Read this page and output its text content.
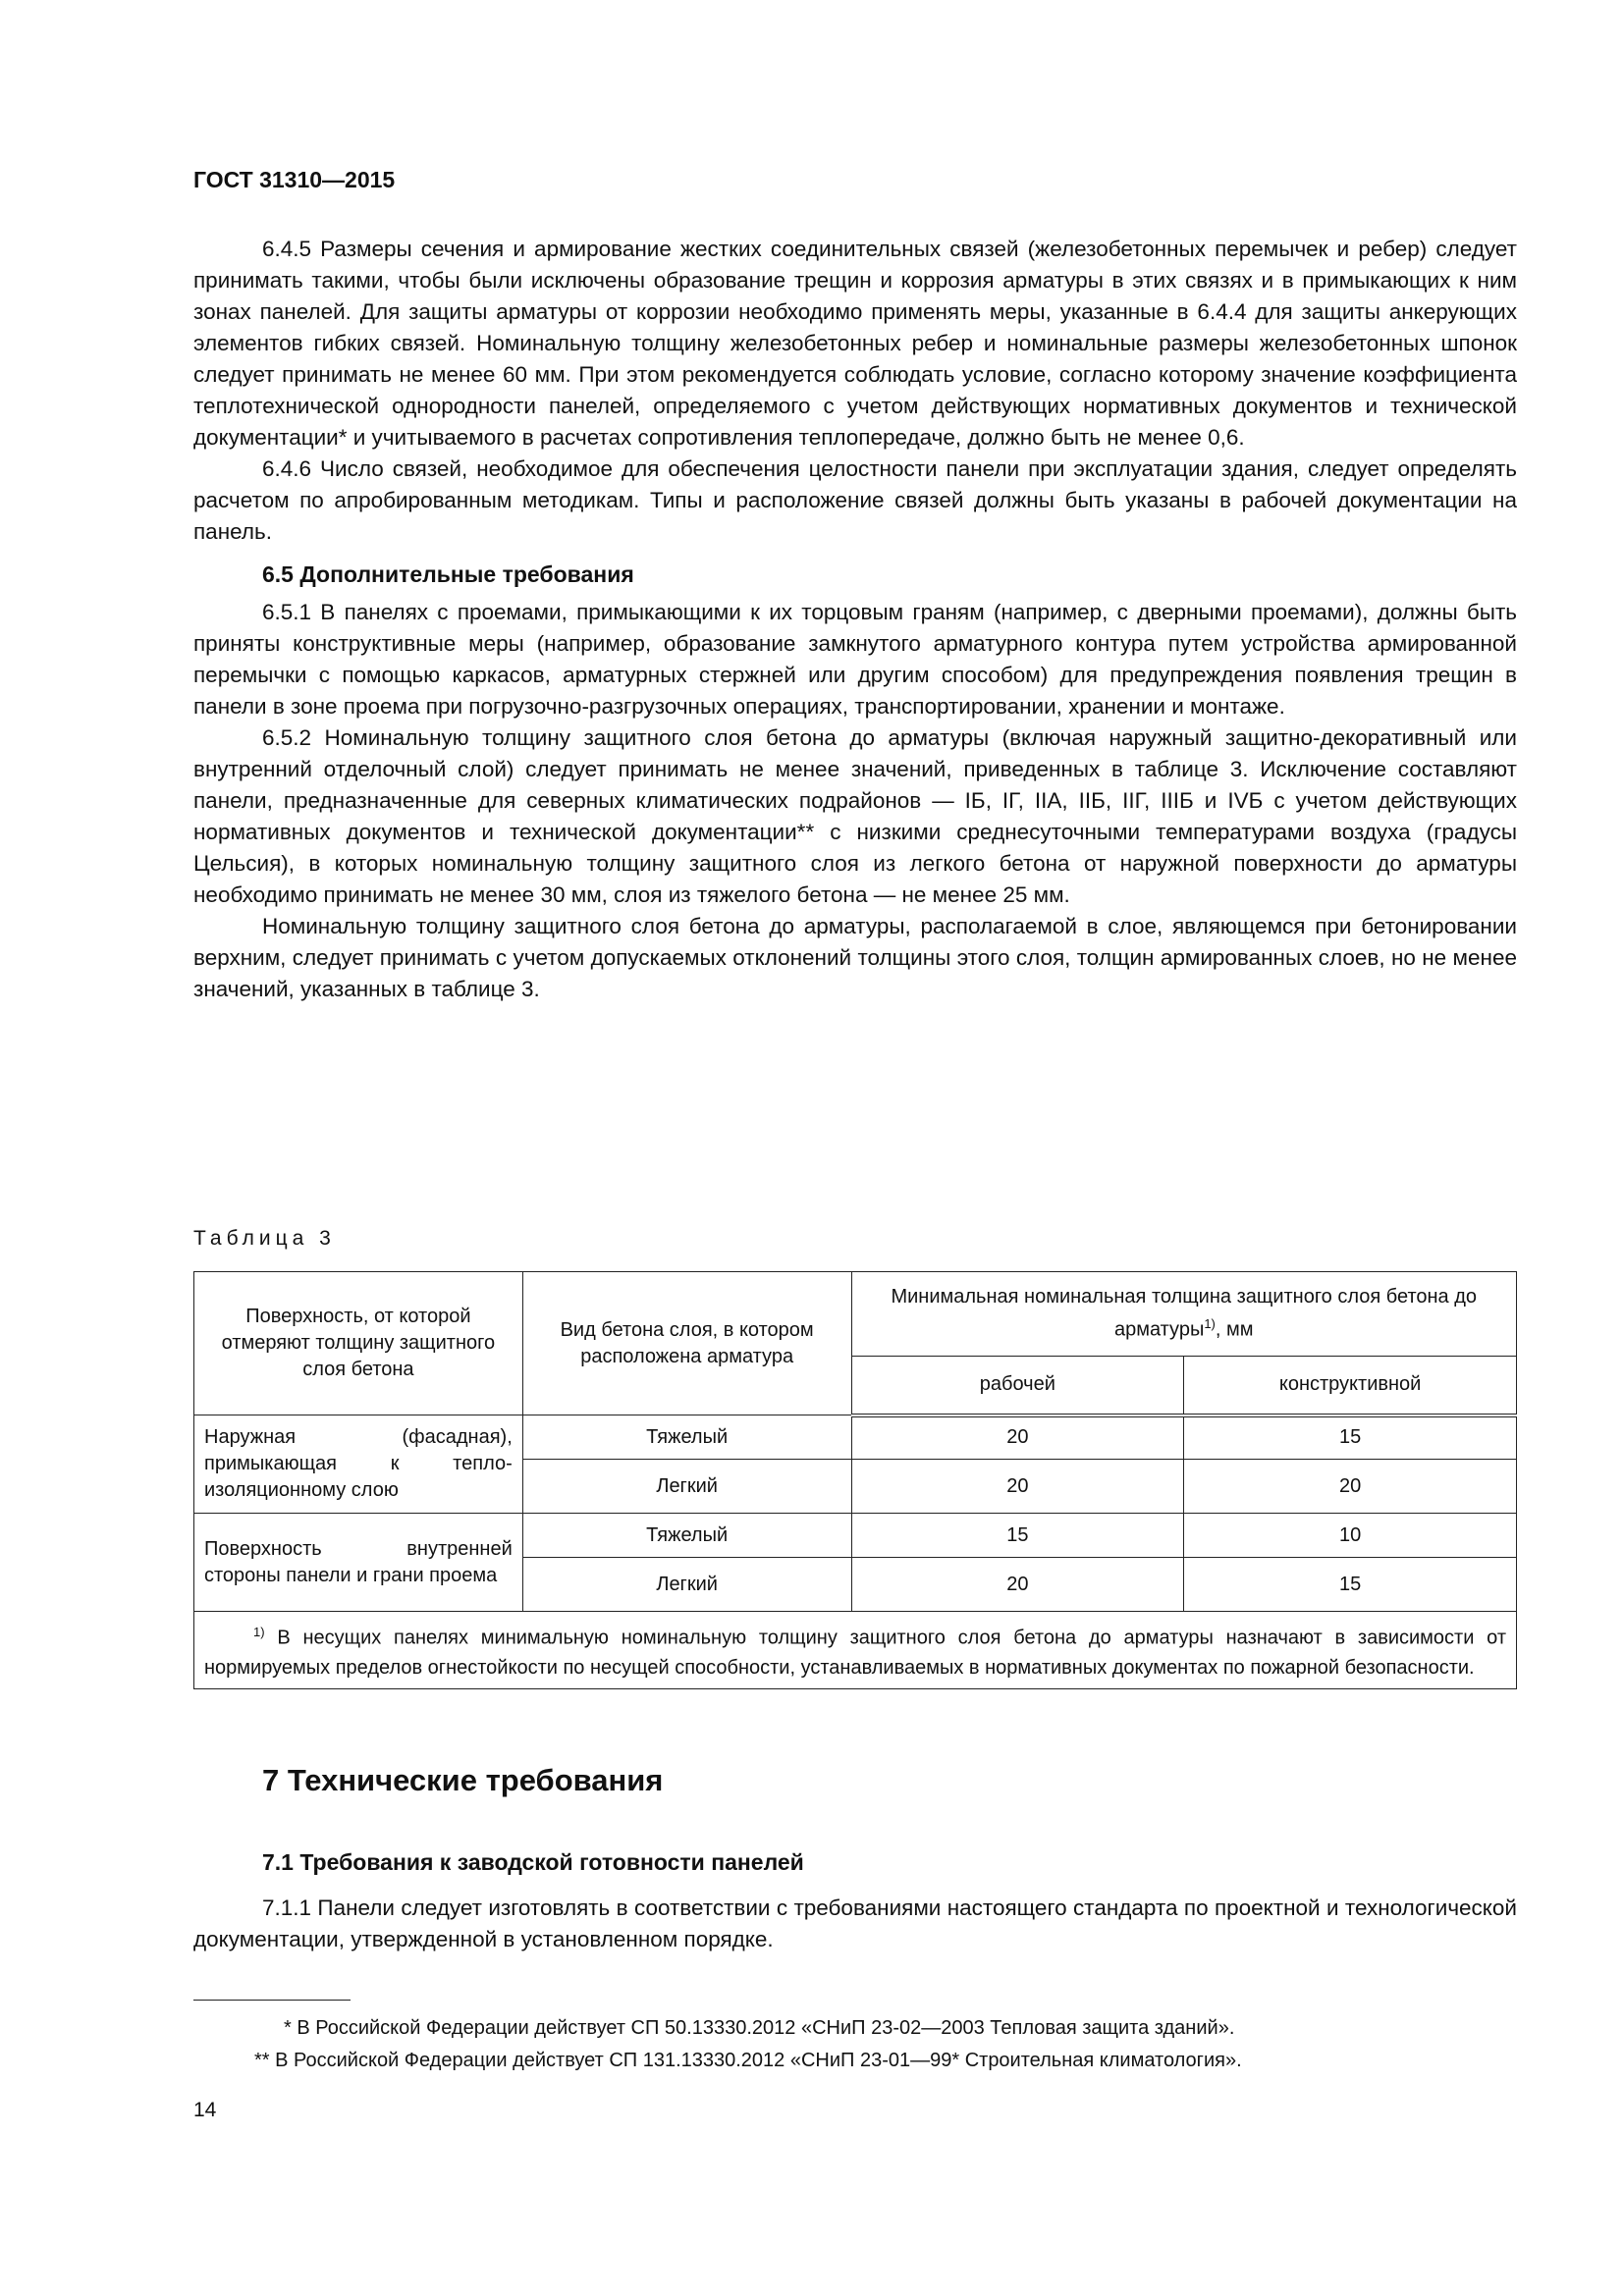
ГОСТ 31310—2015

6.4.5 Размеры сечения и армирование жестких соединительных связей (железобетонных перемычек и ребер) следует принимать такими, чтобы были исключены образование трещин и коррозия арматуры в этих связях и в примыкающих к ним зонах панелей. Для защиты арматуры от коррозии необходимо применять меры, указанные в 6.4.4 для защиты анкерующих элементов гибких связей. Номинальную толщину железобетонных ребер и номинальные размеры железобетонных шпонок следует принимать не менее 60 мм. При этом рекомендуется соблюдать условие, согласно которому значение коэффициента теплотехнической однородности панелей, определяемого с учетом действующих нормативных документов и технической документации* и учитываемого в расчетах сопротивления теплопередаче, должно быть не менее 0,6.

6.4.6 Число связей, необходимое для обеспечения целостности панели при эксплуатации здания, следует определять расчетом по апробированным методикам. Типы и расположение связей должны быть указаны в рабочей документации на панель.

6.5 Дополнительные требования

6.5.1 В панелях с проемами, примыкающими к их торцовым граням (например, с дверными проемами), должны быть приняты конструктивные меры (например, образование замкнутого арматурного контура путем устройства армированной перемычки с помощью каркасов, арматурных стержней или другим способом) для предупреждения появления трещин в панели в зоне проема при погрузочно-разгрузочных операциях, транспортировании, хранении и монтаже.

6.5.2 Номинальную толщину защитного слоя бетона до арматуры (включая наружный защитно-декоративный или внутренний отделочный слой) следует принимать не менее значений, приведенных в таблице 3. Исключение составляют панели, предназначенные для северных климатических подрайонов — IБ, IГ, IIА, IIБ, IIГ, IIIБ и IVБ с учетом действующих нормативных документов и технической документации** с низкими среднесуточными температурами воздуха (градусы Цельсия), в которых номинальную толщину защитного слоя из легкого бетона от наружной поверхности до арматуры необходимо принимать не менее 30 мм, слоя из тяжелого бетона — не менее 25 мм.

Номинальную толщину защитного слоя бетона до арматуры, располагаемой в слое, являющемся при бетонировании верхним, следует принимать с учетом допускаемых отклонений толщины этого слоя, толщин армированных слоев, но не менее значений, указанных в таблице 3.

Таблица 3
Поверхность, от которой отмеряют толщину защитного слоя бетона	Вид бетона слоя, в котором расположена арматура	Минимальная номинальная толщина защитного слоя бетона до арматуры$^{1)}$, мм	
		рабочей	конструктивной
Наружная (фасадная), примыкающая к теплоизоляционному слою	Тяжелый	20	15
	Легкий	20	20
Поверхность внутренней стороны панели и грани проема	Тяжелый	15	10
	Легкий	20	15
$^{1)}$ В несущих панелях минимальную номинальную толщину защитного слоя бетона до арматуры назначают в зависимости от нормируемых пределов огнестойкости по несущей способности, устанавливаемых в нормативных документах по пожарной безопасности.			
7 Технические требования
7.1 Требования к заводской готовности панелей

7.1.1 Панели следует изготовлять в соответствии с требованиями настоящего стандарта по проектной и технологической документации, утвержденной в установленном порядке.

* В Российской Федерации действует СП 50.13330.2012 «СНиП 23-02—2003 Тепловая защита зданий».
** В Российской Федерации действует СП 131.13330.2012 «СНиП 23-01—99* Строительная климатология».
14
